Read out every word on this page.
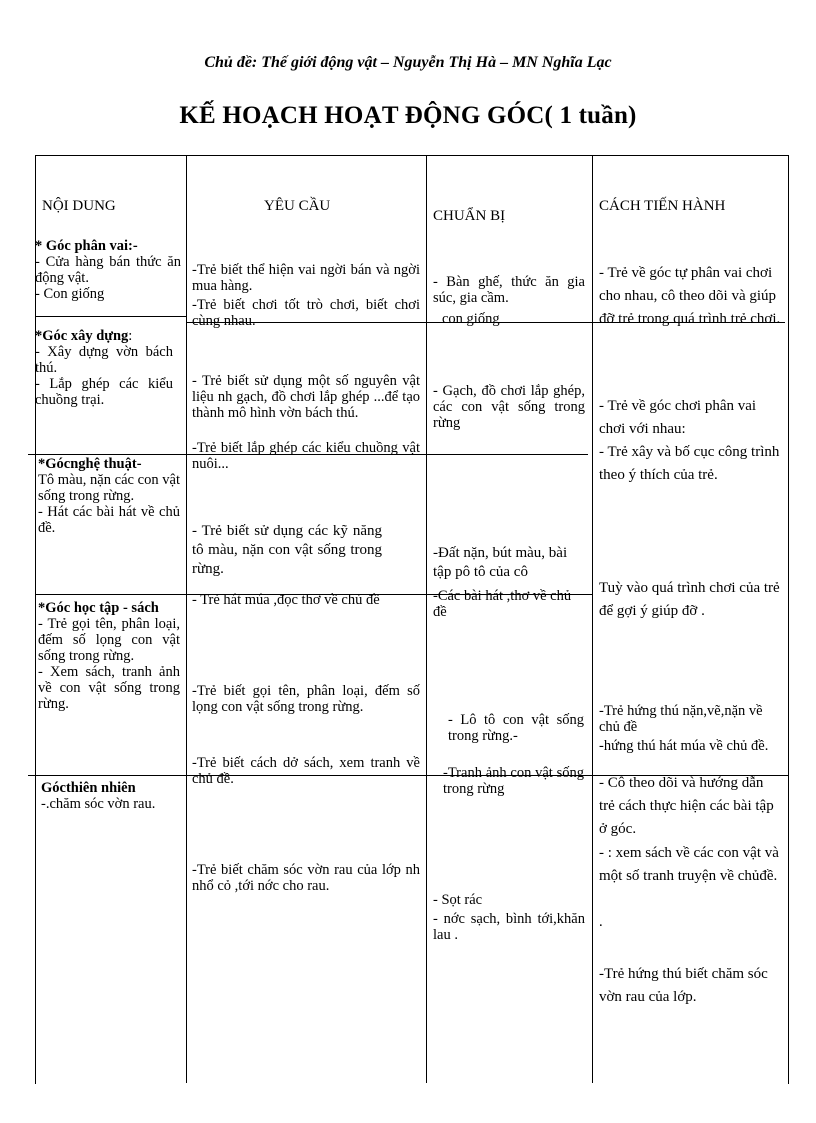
Chủ đề: Thế giới động vật – Nguyễn Thị Hà – MN Nghĩa Lạc
KẾ HOẠCH HOẠT ĐỘNG GÓC( 1 tuần)
NỘI DUNG	YÊU CẦU
CHUẨN BỊ
CÁCH TIẾN HÀNH

* Góc phân vai:-

- Cửa hàng bán thức ăn động vật.

- Con giống

*Góc xây dựng:

- Xây dựng vờn bách thú.

- Lắp ghép các kiểu chuồng trại.

*Gócnghệ thuật-

Tô màu, nặn các con vật sống trong rừng.

- Hát các bài hát về chủ đề.

*Góc học tập - sách

- Trẻ gọi tên, phân loại, đếm số lọng con vật sống trong rừng.

- Xem sách, tranh ảnh về con vật sống trong rừng.

Gócthiên nhiên

-.chăm sóc vờn rau.

-Trẻ biết thể hiện vai ngời bán và ngời mua hàng.
-Trẻ biết chơi tốt trò chơi, biết chơi cùng nhau.
- Trẻ biết sử dụng một số nguyên vật liệu nh gạch, đồ chơi lắp ghép ...để tạo thành mô hình vờn bách thú.
-Trẻ biết lắp ghép các kiểu chuồng vật nuôi...
- Trẻ biết sử dụng các kỹ năng tô màu, nặn con vật sống trong rừng.
- Trẻ hát múa ,đọc thơ về chủ đề
-Trẻ biết gọi tên, phân loại, đếm số lọng con vật sống trong rừng.
-Trẻ biết cách dở sách, xem tranh về chủ đề.
-Trẻ biết chăm sóc vờn rau của lớp nh nhổ cỏ ,tới nớc cho rau.
- Bàn ghế, thức ăn gia súc, gia cầm.
con giống
- Gạch, đồ chơi lắp ghép, các con vật sống trong rừng
-Đất nặn, bút màu, bài tập pô tô của cô
-Các bài hát ,thơ về chủ đề
- Lô tô con vật sống trong rừng.-
-Tranh ảnh con vật sống trong rừng
- Sọt rác
- nớc sạch, bình tới,khăn lau .
- Trẻ về góc tự phân vai chơi cho nhau, cô theo dõi và giúp đỡ trẻ trong quá trình trẻ chơi.
- Trẻ về góc chơi phân vai chơi với nhau:
- Trẻ xây và bố cục công trình theo ý thích của trẻ.
Tuỳ vào quá trình chơi của trẻ để gợi ý giúp đỡ .
-Trẻ hứng thú nặn,vẽ,nặn về chủ đề
-hứng thú hát múa về chủ đề.
- Cô theo dõi và hướng dẫn trẻ cách thực hiện các bài tập ở góc.
- : xem sách về các con vật và một số tranh truyện về chủđề.
.
-Trẻ hứng thú biết chăm sóc vờn rau của lớp.
